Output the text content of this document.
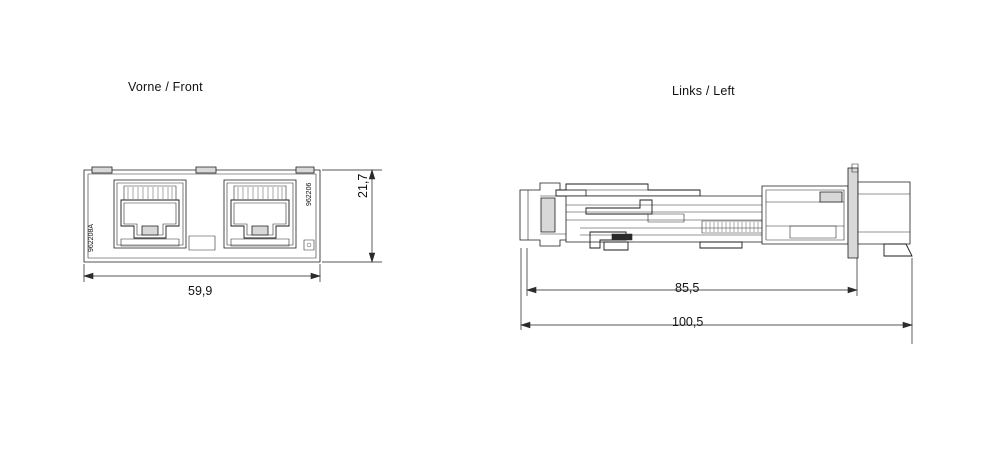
Vorne / Front	Links / Left
59,9
21,7
85,5
100,5
962208A
962206
